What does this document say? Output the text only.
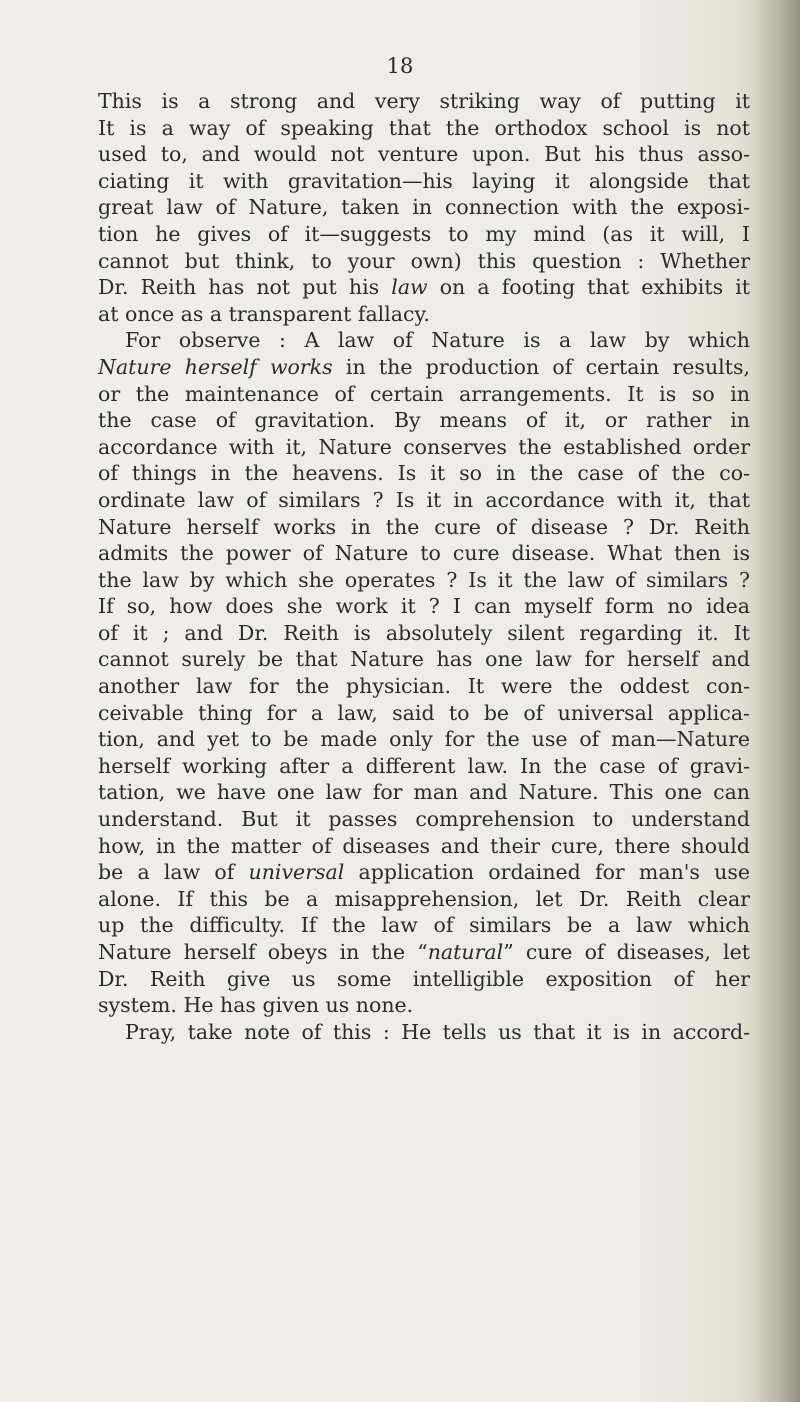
18
This is a strong and very striking way of putting it
It is a way of speaking that the orthodox school is not
used to, and would not venture upon. But his thus asso-
ciating it with gravitation—his laying it alongside that
great law of Nature, taken in connection with the exposi-
tion he gives of it—suggests to my mind (as it will, I
cannot but think, to your own) this question : Whether
Dr. Reith has not put his law on a footing that exhibits it
at once as a transparent fallacy.
For observe : A law of Nature is a law by which
Nature herself works in the production of certain results,
or the maintenance of certain arrangements. It is so in
the case of gravitation. By means of it, or rather in
accordance with it, Nature conserves the established order
of things in the heavens. Is it so in the case of the co-
ordinate law of similars ? Is it in accordance with it, that
Nature herself works in the cure of disease ? Dr. Reith
admits the power of Nature to cure disease. What then is
the law by which she operates ? Is it the law of similars ?
If so, how does she work it ? I can myself form no idea
of it ; and Dr. Reith is absolutely silent regarding it. It
cannot surely be that Nature has one law for herself and
another law for the physician. It were the oddest con-
ceivable thing for a law, said to be of universal applica-
tion, and yet to be made only for the use of man—Nature
herself working after a different law. In the case of gravi-
tation, we have one law for man and Nature. This one can
understand. But it passes comprehension to understand
how, in the matter of diseases and their cure, there should
be a law of universal application ordained for man's use
alone. If this be a misapprehension, let Dr. Reith clear
up the difficulty. If the law of similars be a law which
Nature herself obeys in the “natural” cure of diseases, let
Dr. Reith give us some intelligible exposition of her
system. He has given us none.
Pray, take note of this : He tells us that it is in accord-
